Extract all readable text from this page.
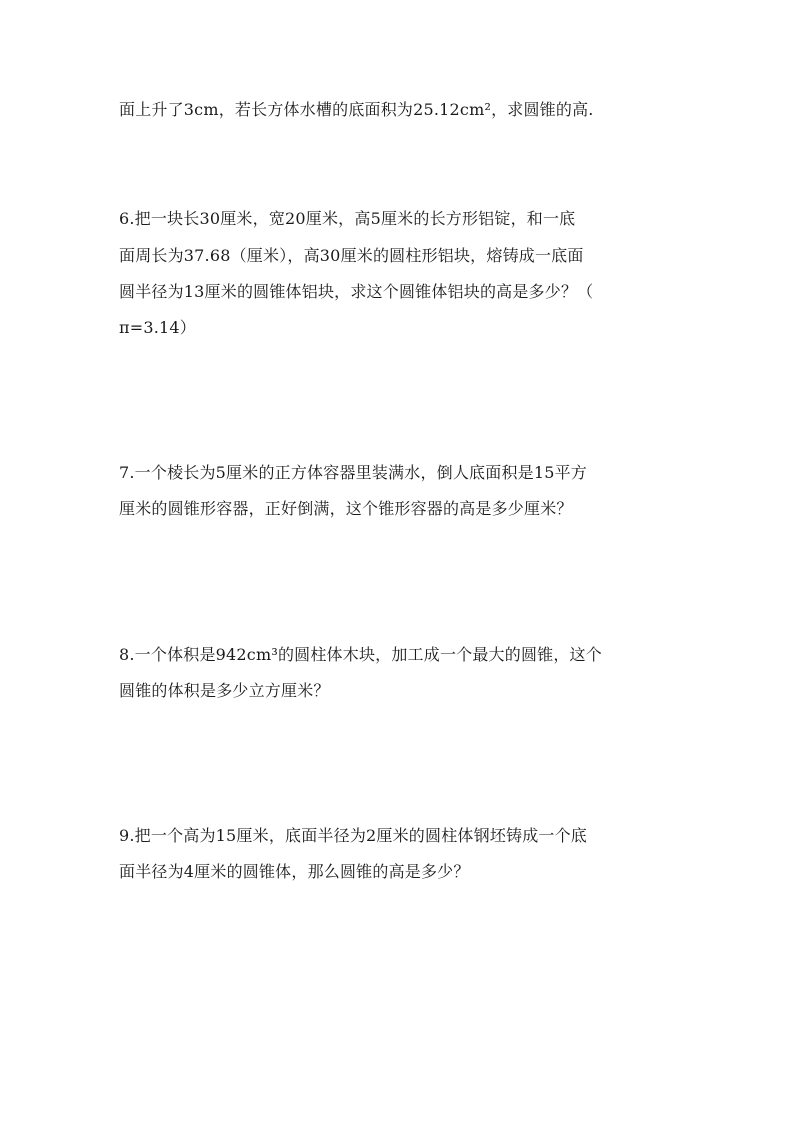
面上升了3cm，若长方体水槽的底面积为25.12cm²，求圆锥的高.
6.把一块长30厘米，宽20厘米，高5厘米的长方形铝锭，和一底
面周长为37.68（厘米），高30厘米的圆柱形铝块，熔铸成一底面
圆半径为13厘米的圆锥体铝块，求这个圆锥体铝块的高是多少？（
π=3.14）
7.一个棱长为5厘米的正方体容器里装满水，倒人底面积是15平方
厘米的圆锥形容器，正好倒满，这个锥形容器的高是多少厘米？
8.一个体积是942cm³的圆柱体木块，加工成一个最大的圆锥，这个
圆锥的体积是多少立方厘米？
9.把一个高为15厘米，底面半径为2厘米的圆柱体钢坯铸成一个底
面半径为4厘米的圆锥体，那么圆锥的高是多少？
